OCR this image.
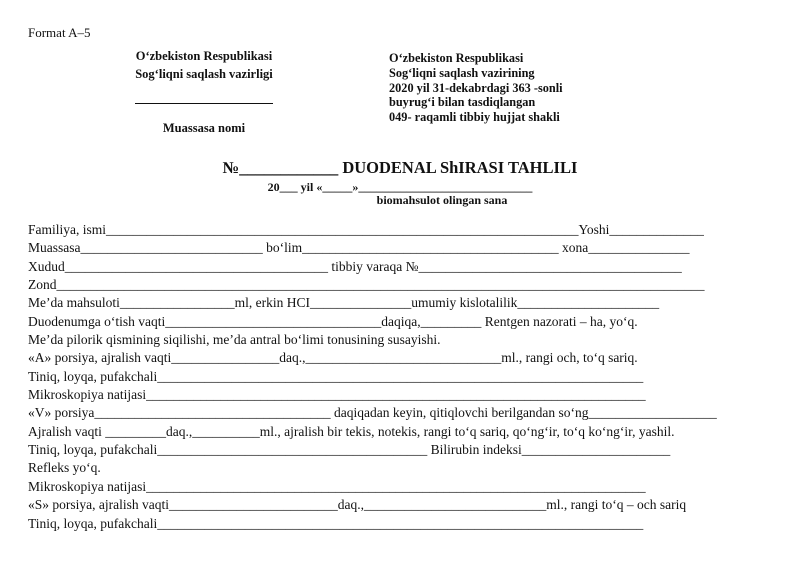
Format A–5
O‘zbekiston Respublikasi
Sog‘liqni saqlash vazirligi
Muassasa nomi
O‘zbekiston Respublikasi
Sog‘liqni saqlash vazirining
2020 yil 31-dekabrdagi 363 -sonli
buyrug‘i bilan tasdiqlangan
049- raqamli tibbiy hujjat shakli
№____________ DUODENAL ShIRASI TAHLILI
20___ yil «_____»_____________________________
biomahsulot olingan sana
Familiya, ismi______________________________________________________________________Yoshi______________
Muassasa___________________________ bo‘lim______________________________________ xona_______________
Xudud_______________________________________ tibbiy varaqa №_______________________________________
Zond________________________________________________________________________________________________
Me’da mahsuloti_________________ml, erkin HCI_______________umumiy kislotalilik_____________________
Duodenumga o‘tish vaqti________________________________daqiqa,_________ Rentgen nazorati – ha, yo‘q.
Me’da pilorik qismining siqilishi, me’da antral bo‘limi tonusining susayishi.
«A» porsiya, ajralish vaqti________________daq.,_____________________________ml., rangi och, to‘q sariq.
Tiniq, loyqa, pufakchali________________________________________________________________________
Mikroskopiya natijasi__________________________________________________________________________
«V» porsiya___________________________________ daqiqadan keyin, qitiqlovchi berilgandan so‘ng___________________
Ajralish vaqti _________daq.,__________ml., ajralish bir tekis, notekis, rangi to‘q sariq, qo‘ng‘ir, to‘q ko‘ng‘ir, yashil.
Tiniq, loyqa, pufakchali________________________________________ Bilirubin indeksi______________________
Refleks yo‘q.
Mikroskopiya natijasi__________________________________________________________________________
«S» porsiya, ajralish vaqti_________________________daq.,___________________________ml., rangi to‘q – och sariq
Tiniq, loyqa, pufakchali________________________________________________________________________
